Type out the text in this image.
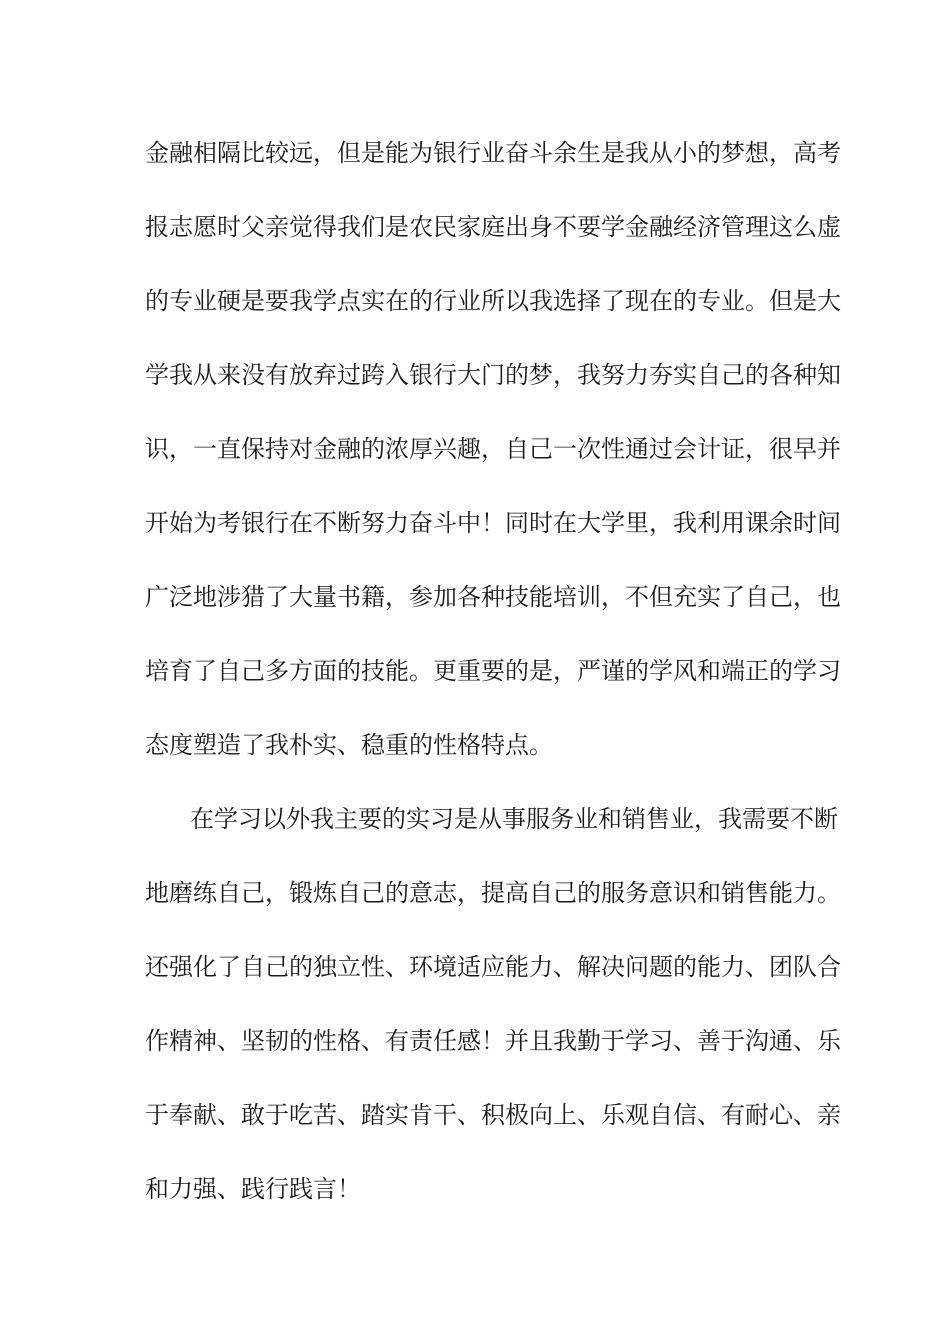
金融相隔比较远，但是能为银行业奋斗余生是我从小的梦想，高考
报志愿时父亲觉得我们是农民家庭出身不要学金融经济管理这么虚
的专业硬是要我学点实在的行业所以我选择了现在的专业。但是大
学我从来没有放弃过跨入银行大门的梦，我努力夯实自己的各种知
识，一直保持对金融的浓厚兴趣，自己一次性通过会计证，很早并
开始为考银行在不断努力奋斗中！同时在大学里，我利用课余时间
广泛地涉猎了大量书籍，参加各种技能培训，不但充实了自己，也
培育了自己多方面的技能。更重要的是，严谨的学风和端正的学习
态度塑造了我朴实、稳重的性格特点。
在学习以外我主要的实习是从事服务业和销售业，我需要不断
地磨练自己，锻炼自己的意志，提高自己的服务意识和销售能力。
还强化了自己的独立性、环境适应能力、解决问题的能力、团队合
作精神、坚韧的性格、有责任感！并且我勤于学习、善于沟通、乐
于奉献、敢于吃苦、踏实肯干、积极向上、乐观自信、有耐心、亲
和力强、践行践言！
